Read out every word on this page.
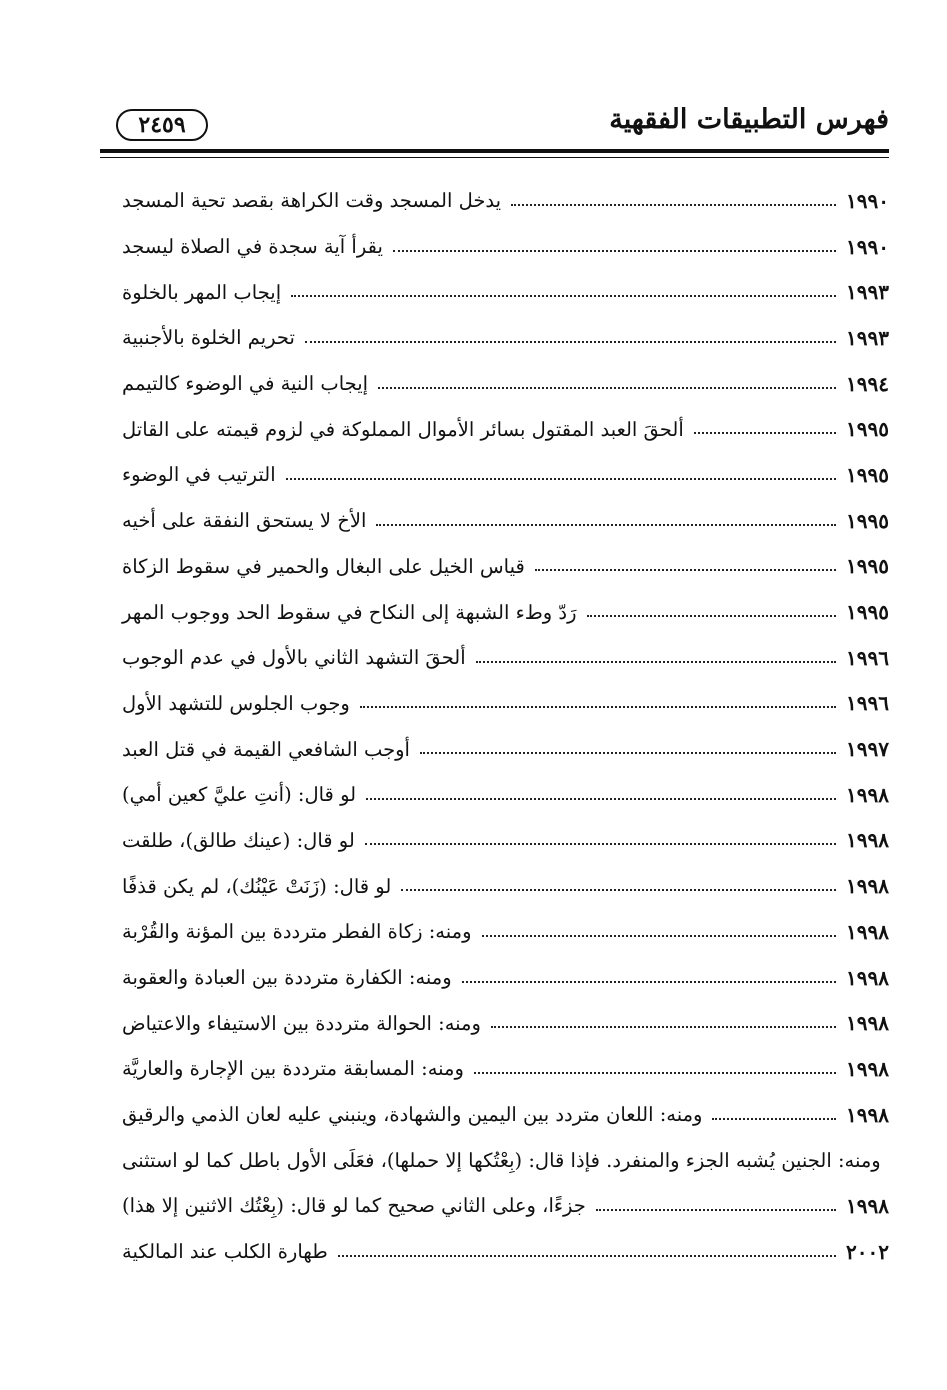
فهرس التطبيقات الفقهية
٢٤٥٩
يدخل المسجد وقت الكراهة بقصد تحية المسجد	١٩٩٠
يقرأ آية سجدة في الصلاة ليسجد	١٩٩٠
إيجاب المهر بالخلوة	١٩٩٣
تحريم الخلوة بالأجنبية	١٩٩٣
إيجاب النية في الوضوء كالتيمم	١٩٩٤
ألحقَ العبد المقتول بسائر الأموال المملوكة في لزوم قيمته على القاتل	١٩٩٥
الترتيب في الوضوء	١٩٩٥
الأخ لا يستحق النفقة على أخيه	١٩٩٥
قياس الخيل على البغال والحمير في سقوط الزكاة	١٩٩٥
رَدّ وطء الشبهة إلى النكاح في سقوط الحد ووجوب المهر	١٩٩٥
ألحقَ التشهد الثاني بالأول في عدم الوجوب	١٩٩٦
وجوب الجلوس للتشهد الأول	١٩٩٦
أوجب الشافعي القيمة في قتل العبد	١٩٩٧
لو قال: (أنتِ عليَّ كعين أمي)	١٩٩٨
لو قال: (عينك طالق)، طلقت	١٩٩٨
لو قال: (زَنَتْ عَيْنُك)، لم يكن قذفًا	١٩٩٨
ومنه: زكاة الفطر مترددة بين المؤنة والقُرْبة	١٩٩٨
ومنه: الكفارة مترددة بين العبادة والعقوبة	١٩٩٨
ومنه: الحوالة مترددة بين الاستيفاء والاعتياض	١٩٩٨
ومنه: المسابقة مترددة بين الإجارة والعاريَّة	١٩٩٨
ومنه: اللعان متردد بين اليمين والشهادة، وينبني عليه لعان الذمي والرقيق	١٩٩٨
ومنه: الجنين يُشبه الجزء والمنفرد. فإذا قال: (بِعْتُكها إلا حملها)، فعَلَى الأول باطل كما لو استثنى
جزءًا، وعلى الثاني صحيح كما لو قال: (بِعْتُك الاثنين إلا هذا)	١٩٩٨
طهارة الكلب عند المالكية	٢٠٠٢
